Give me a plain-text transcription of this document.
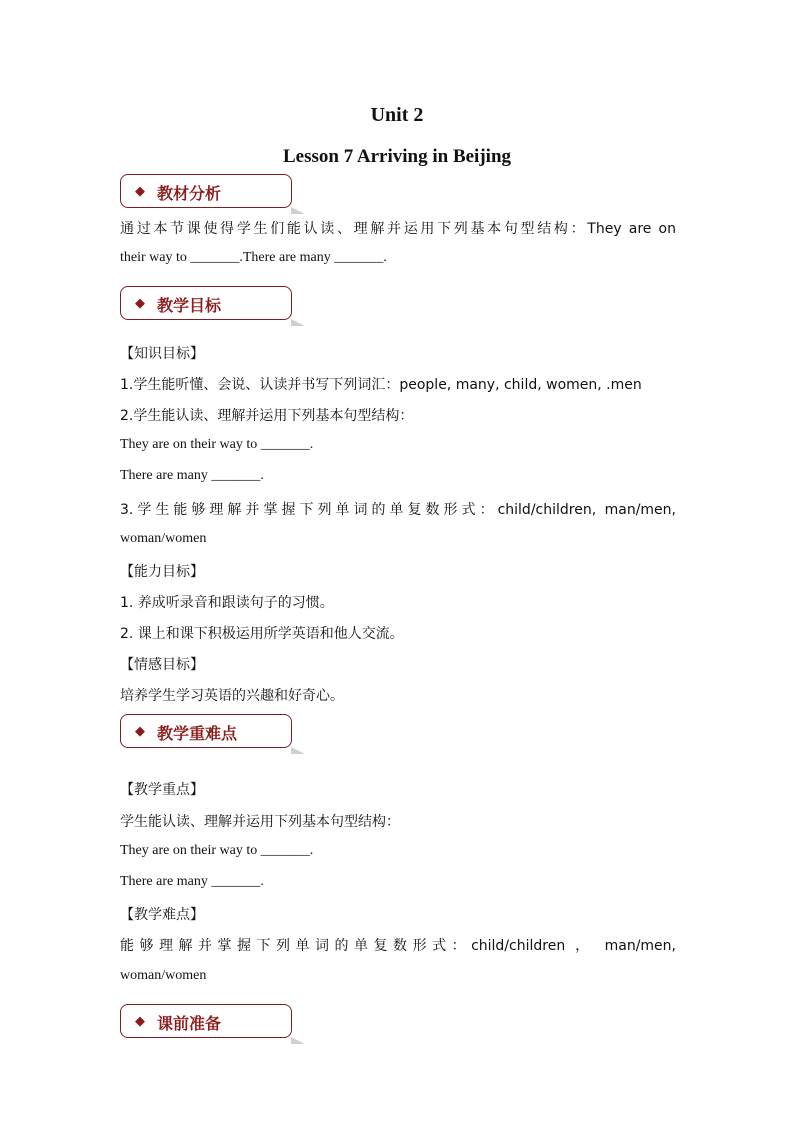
Unit 2
Lesson 7 Arriving in Beijing
◆ 教材分析
通过本节课使得学生们能认读、理解并运用下列基本句型结构：They are on
their way to _______.There are many _______.
◆ 教学目标
【知识目标】
1.学生能听懂、会说、认读并书写下列词汇：people, many, child, women, .men
2.学生能认读、理解并运用下列基本句型结构：
They are on their way to _______.
There are many _______.
3.学生能够理解并掌握下列单词的单复数形式：child/children, man/men,
woman/women
【能力目标】
1. 养成听录音和跟读句子的习惯。
2. 课上和课下积极运用所学英语和他人交流。
【情感目标】
培养学生学习英语的兴趣和好奇心。
◆ 教学重难点
【教学重点】
学生能认读、理解并运用下列基本句型结构：
They are on their way to _______.
There are many _______.
【教学难点】
能够理解并掌握下列单词的单复数形式：child/children ， man/men,
woman/women
◆ 课前准备
